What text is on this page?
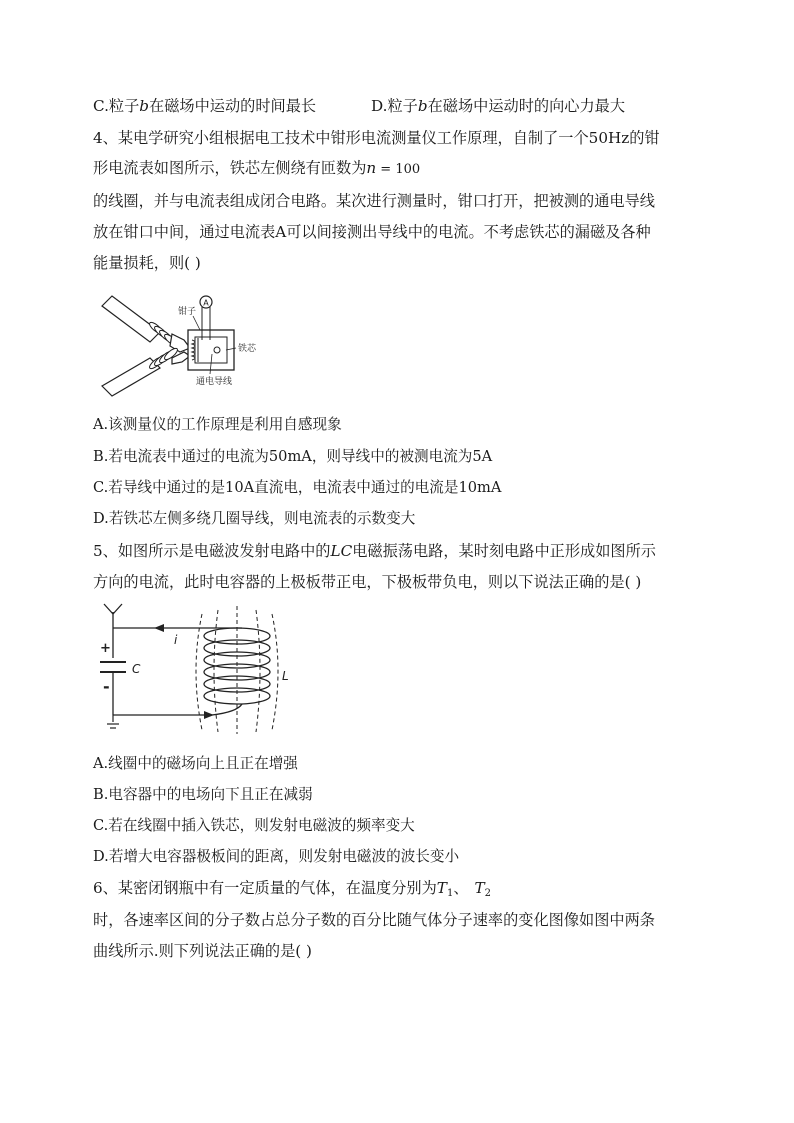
C.粒子b在磁场中运动的时间最长	D.粒子b在磁场中运动时的向心力最大
4、某电学研究小组根据电工技术中钳形电流测量仪工作原理，自制了一个50Hz的钳
形电流表如图所示，铁芯左侧绕有匝数为n = 100
的线圈，并与电流表组成闭合电路。某次进行测量时，钳口打开，把被测的通电导线
放在钳口中间，通过电流表A可以间接测出导线中的电流。不考虑铁芯的漏磁及各种
能量损耗，则( )
A
钳子
铁芯
通电导线
A.该测量仪的工作原理是利用自感现象
B.若电流表中通过的电流为50mA，则导线中的被测电流为5A
C.若导线中通过的是10A直流电，电流表中通过的电流是10mA
D.若铁芯左侧多绕几圈导线，则电流表的示数变大
5、如图所示是电磁波发射电路中的LC电磁振荡电路，某时刻电路中正形成如图所示
方向的电流，此时电容器的上极板带正电，下极板带负电，则以下说法正确的是( )
i
+
-
C	L
A.线圈中的磁场向上且正在增强
B.电容器中的电场向下且正在减弱
C.若在线圈中插入铁芯，则发射电磁波的频率变大
D.若增大电容器极板间的距离，则发射电磁波的波长变小
6、某密闭钢瓶中有一定质量的气体，在温度分别为$T_1$、 $T_2$
时，各速率区间的分子数占总分子数的百分比随气体分子速率的变化图像如图中两条
曲线所示.则下列说法正确的是( )
